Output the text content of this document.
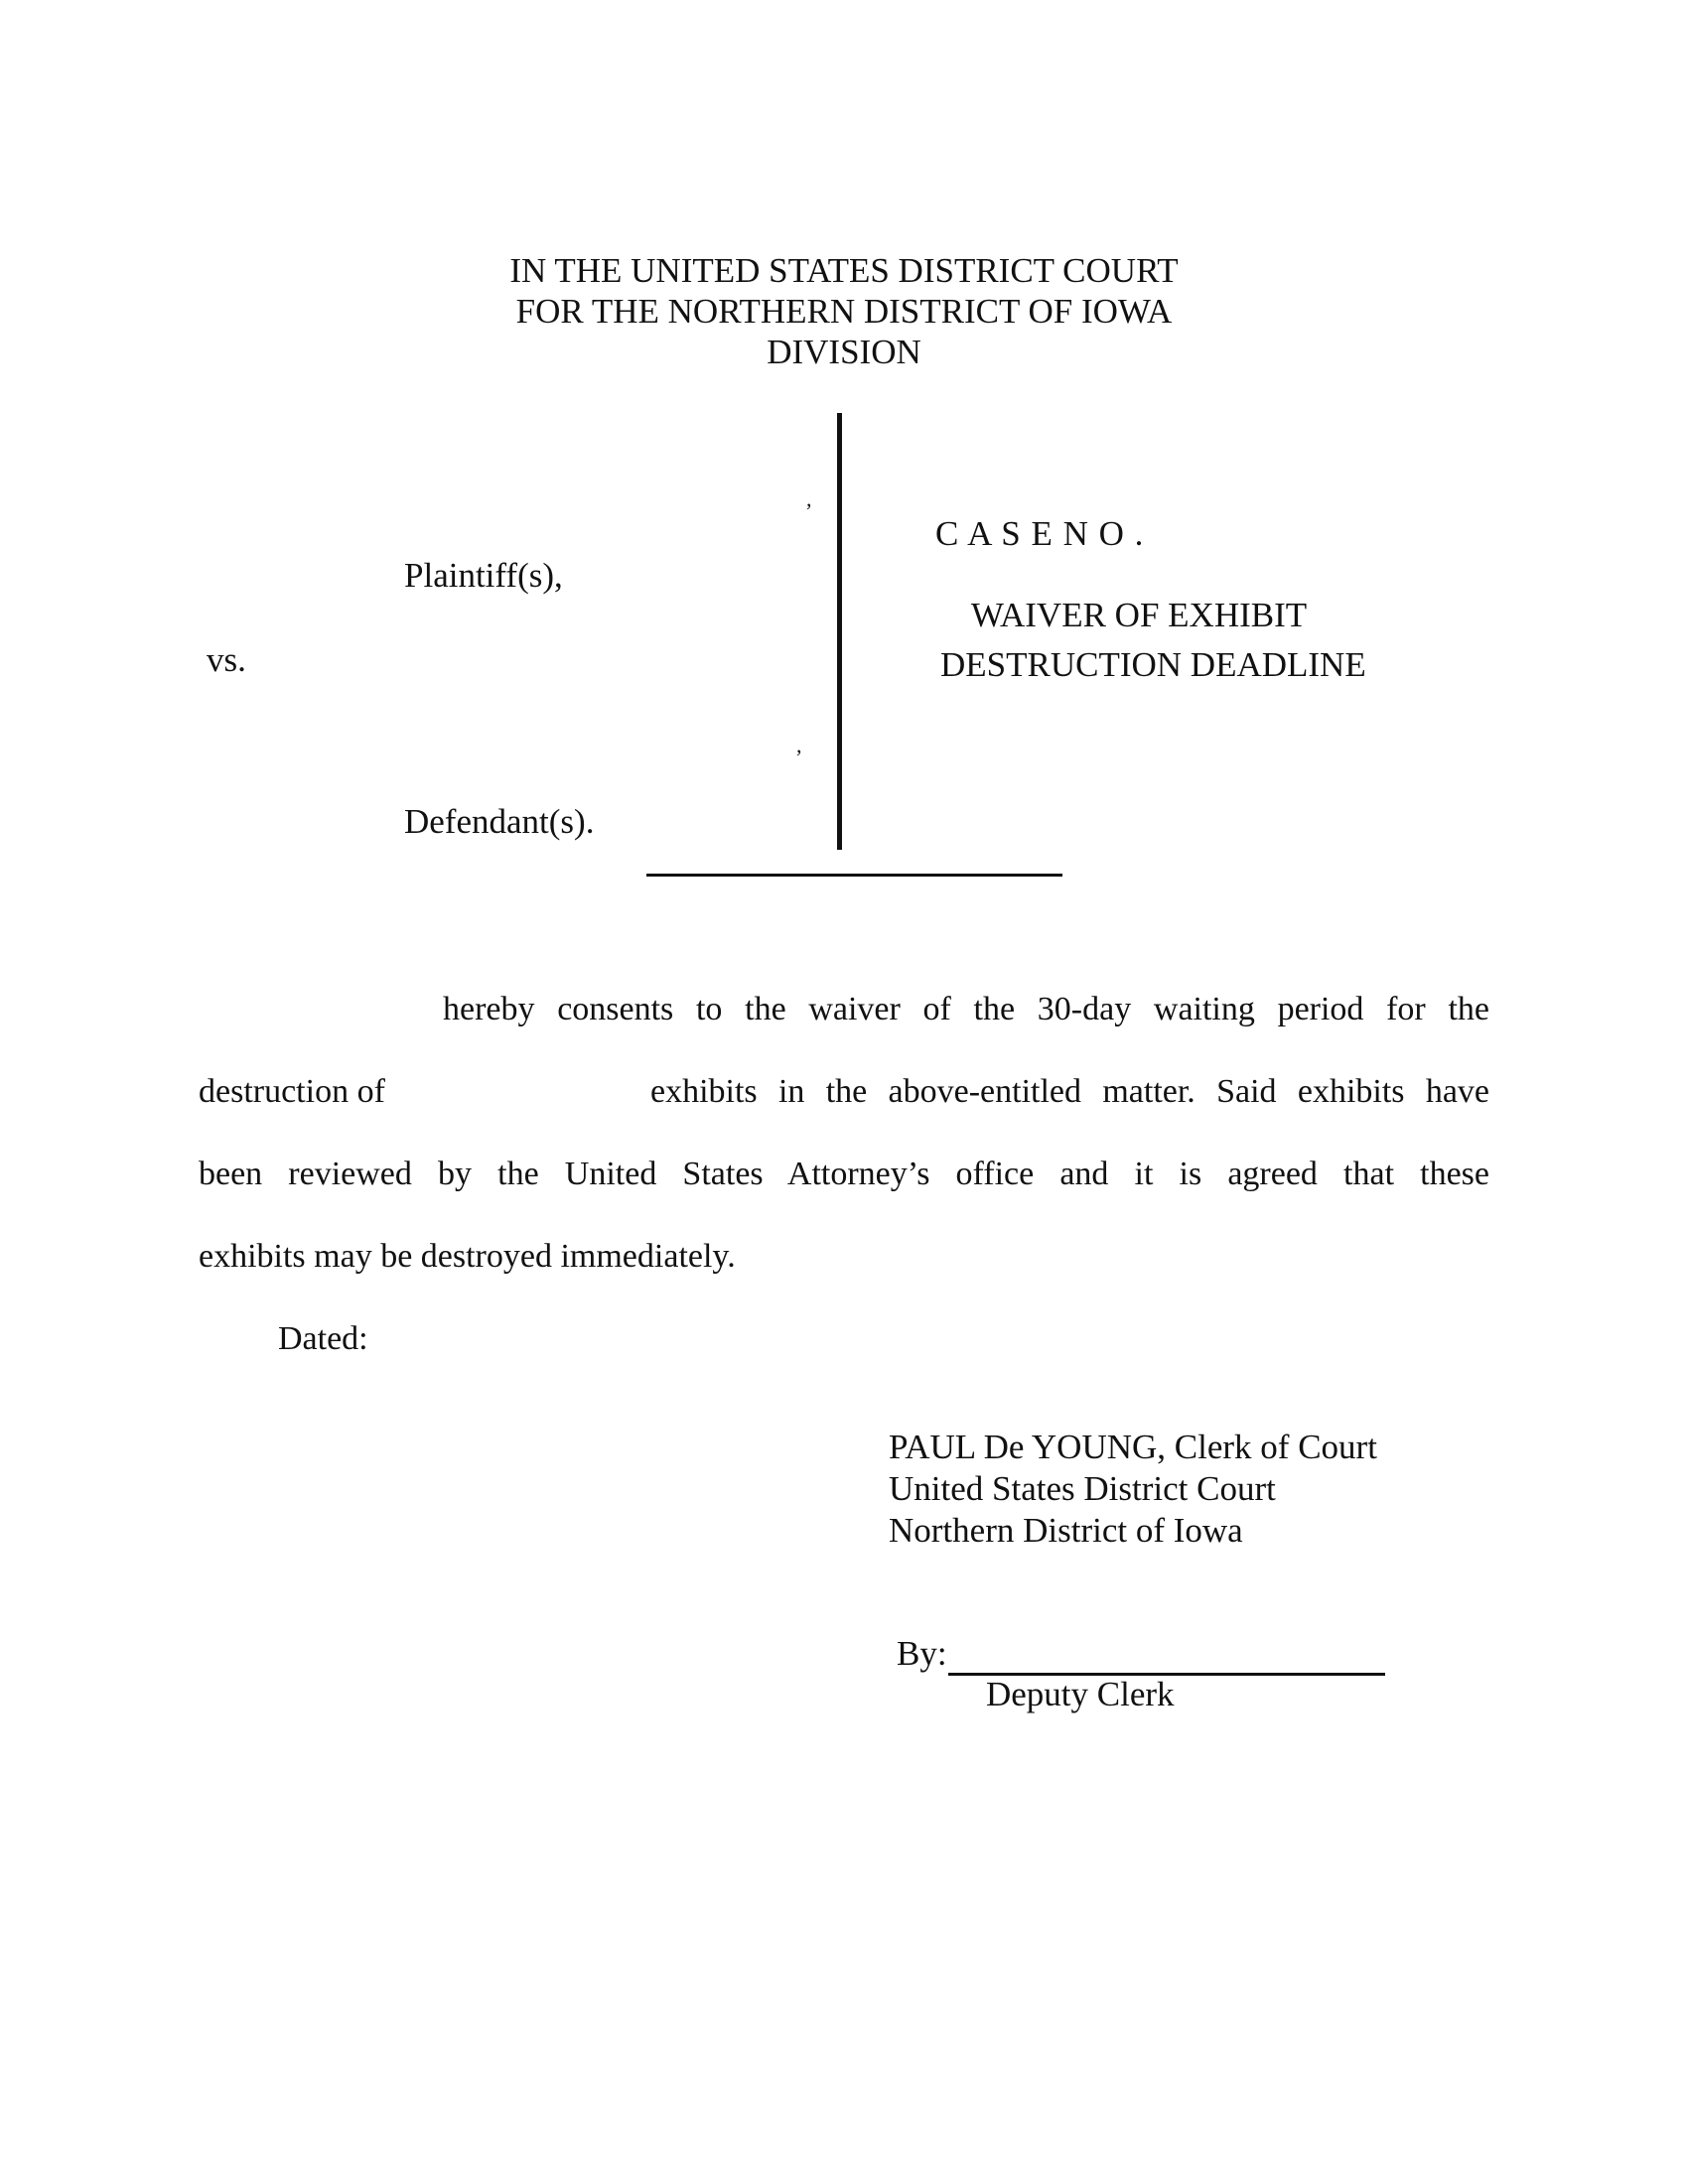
IN THE UNITED STATES DISTRICT COURT
FOR THE NORTHERN DISTRICT OF IOWA
DIVISION
,
Plaintiff(s),
vs.
,
Defendant(s).
C A S E N O .
WAIVER OF EXHIBIT
DESTRUCTION DEADLINE
hereby consents to the waiver of the 30-day waiting period for the
destruction of	exhibits in the above-entitled matter. Said exhibits have
been reviewed by the United States Attorney’s office and it is agreed that these
exhibits may be destroyed immediately.
Dated:
PAUL De YOUNG, Clerk of Court
United States District Court
Northern District of Iowa
By:
Deputy Clerk
